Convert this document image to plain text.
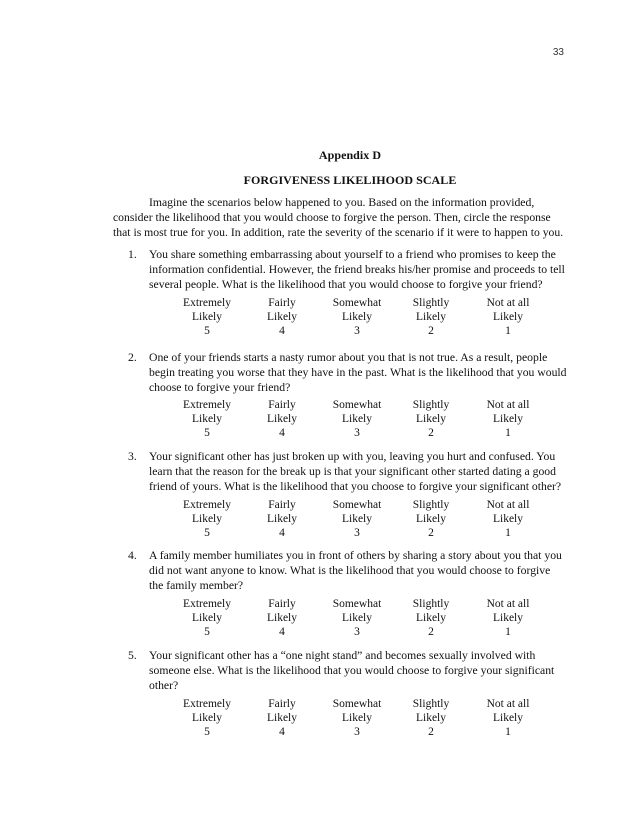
33
Appendix D
FORGIVENESS LIKELIHOOD SCALE
Imagine the scenarios below happened to you. Based on the information provided,
consider the likelihood that you would choose to forgive the person. Then, circle the response
that is most true for you. In addition, rate the severity of the scenario if it were to happen to you.
1. You share something embarrassing about yourself to a friend who promises to keep the
information confidential. However, the friend breaks his/her promise and proceeds to tell
several people. What is the likelihood that you would choose to forgive your friend?
Extremely
Likely
5
Fairly
Likely
4
Somewhat
Likely
3
Slightly
Likely
2
Not at all
Likely
1
2. One of your friends starts a nasty rumor about you that is not true. As a result, people
begin treating you worse that they have in the past. What is the likelihood that you would
choose to forgive your friend?
Extremely
Likely
5
Fairly
Likely
4
Somewhat
Likely
3
Slightly
Likely
2
Not at all
Likely
1
3. Your significant other has just broken up with you, leaving you hurt and confused. You
learn that the reason for the break up is that your significant other started dating a good
friend of yours. What is the likelihood that you choose to forgive your significant other?
Extremely
Likely
5
Fairly
Likely
4
Somewhat
Likely
3
Slightly
Likely
2
Not at all
Likely
1
4. A family member humiliates you in front of others by sharing a story about you that you
did not want anyone to know. What is the likelihood that you would choose to forgive
the family member?
Extremely
Likely
5
Fairly
Likely
4
Somewhat
Likely
3
Slightly
Likely
2
Not at all
Likely
1
5. Your significant other has a “one night stand” and becomes sexually involved with
someone else. What is the likelihood that you would choose to forgive your significant
other?
Extremely
Likely
5
Fairly
Likely
4
Somewhat
Likely
3
Slightly
Likely
2
Not at all
Likely
1
